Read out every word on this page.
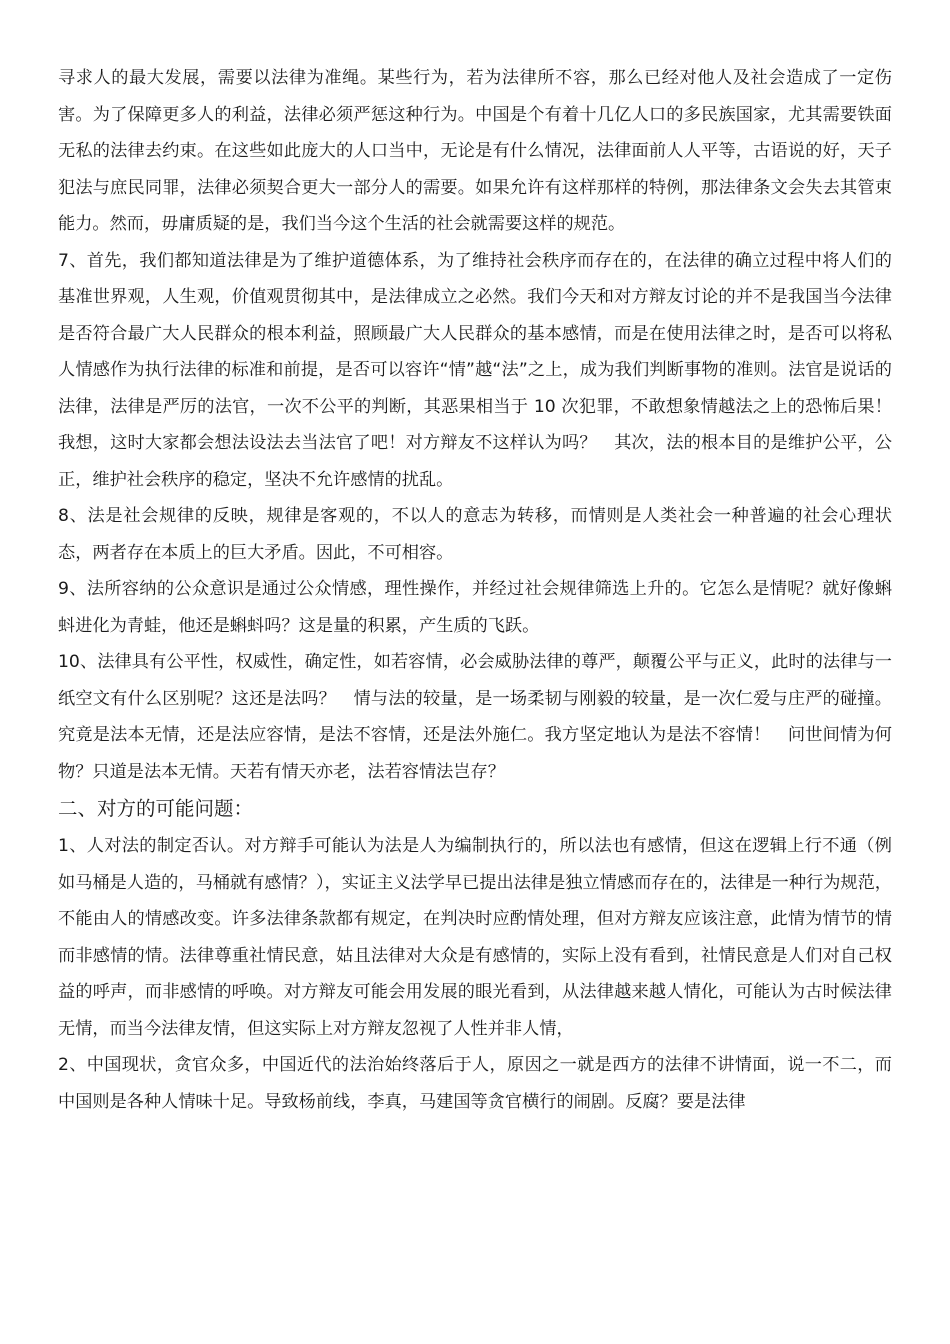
寻求人的最大发展，需要以法律为准绳。某些行为，若为法律所不容，那么已经对他人及社会造成了一定伤害。为了保障更多人的利益，法律必须严惩这种行为。中国是个有着十几亿人口的多民族国家，尤其需要铁面无私的法律去约束。在这些如此庞大的人口当中，无论是有什么情况，法律面前人人平等，古语说的好，天子犯法与庶民同罪，法律必须契合更大一部分人的需要。如果允许有这样那样的特例，那法律条文会失去其管束能力。然而，毋庸质疑的是，我们当今这个生活的社会就需要这样的规范。

7、首先，我们都知道法律是为了维护道德体系，为了维持社会秩序而存在的，在法律的确立过程中将人们的基准世界观，人生观，价值观贯彻其中，是法律成立之必然。我们今天和对方辩友讨论的并不是我国当今法律是否符合最广大人民群众的根本利益，照顾最广大人民群众的基本感情，而是在使用法律之时，是否可以将私人情感作为执行法律的标准和前提，是否可以容许“情”越“法”之上，成为我们判断事物的准则。法官是说话的法律，法律是严厉的法官，一次不公平的判断，其恶果相当于 10 次犯罪，不敢想象情越法之上的恐怖后果！我想，这时大家都会想法设法去当法官了吧！对方辩友不这样认为吗？　其次，法的根本目的是维护公平，公正，维护社会秩序的稳定，坚决不允许感情的扰乱。

8、法是社会规律的反映，规律是客观的，不以人的意志为转移，而情则是人类社会一种普遍的社会心理状态，两者存在本质上的巨大矛盾。因此，不可相容。

9、法所容纳的公众意识是通过公众情感，理性操作，并经过社会规律筛选上升的。它怎么是情呢？就好像蝌蚪进化为青蛙，他还是蝌蚪吗？这是量的积累，产生质的飞跃。

10、法律具有公平性，权威性，确定性，如若容情，必会威胁法律的尊严，颠覆公平与正义，此时的法律与一纸空文有什么区别呢？这还是法吗？　情与法的较量，是一场柔韧与刚毅的较量，是一次仁爱与庄严的碰撞。究竟是法本无情，还是法应容情，是法不容情，还是法外施仁。我方坚定地认为是法不容情！　问世间情为何物？只道是法本无情。天若有情天亦老，法若容情法岂存？

二、对方的可能问题：

1、人对法的制定否认。对方辩手可能认为法是人为编制执行的，所以法也有感情，但这在逻辑上行不通（例如马桶是人造的，马桶就有感情？），实证主义法学早已提出法律是独立情感而存在的，法律是一种行为规范，不能由人的情感改变。许多法律条款都有规定，在判决时应酌情处理，但对方辩友应该注意，此情为情节的情而非感情的情。法律尊重社情民意，姑且法律对大众是有感情的，实际上没有看到，社情民意是人们对自己权益的呼声，而非感情的呼唤。对方辩友可能会用发展的眼光看到，从法律越来越人情化，可能认为古时候法律无情，而当今法律友情，但这实际上对方辩友忽视了人性并非人情，

2、中国现状，贪官众多，中国近代的法治始终落后于人，原因之一就是西方的法律不讲情面，说一不二，而中国则是各种人情味十足。导致杨前线，李真，马建国等贪官横行的闹剧。反腐？要是法律
